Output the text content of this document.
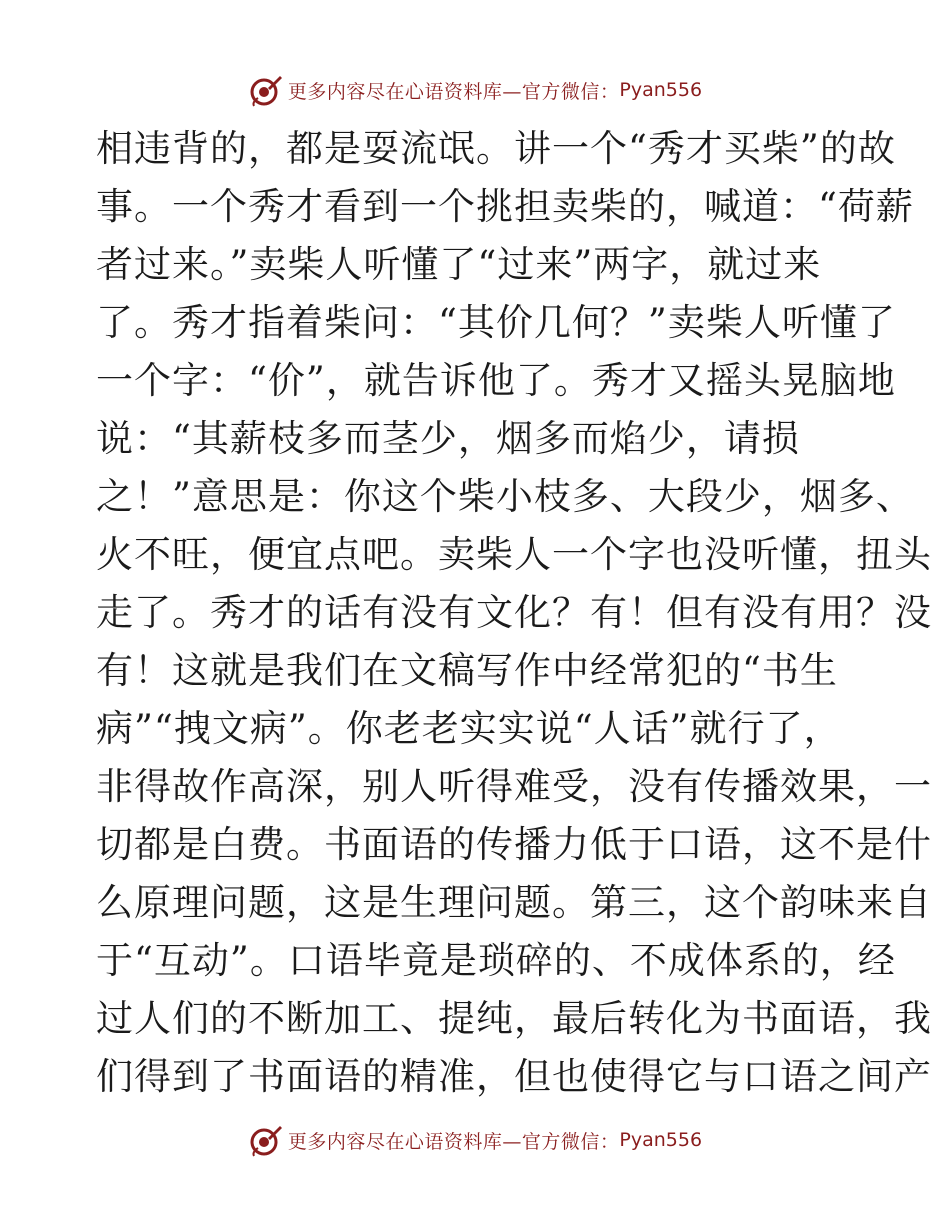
更多内容尽在心语资料库—官方微信： Pyan556
相违背的，都是耍流氓。讲一个“秀才买柴”的故
事。一个秀才看到一个挑担卖柴的，喊道：“荷薪
者过来。”卖柴人听懂了“过来”两字，就过来
了。秀才指着柴问：“其价几何？”卖柴人听懂了
一个字：“价”，就告诉他了。秀才又摇头晃脑地
说：“其薪枝多而茎少，烟多而焰少，请损
之！”意思是：你这个柴小枝多、大段少，烟多、
火不旺，便宜点吧。卖柴人一个字也没听懂，扭头
走了。秀才的话有没有文化？有！但有没有用？没
有！这就是我们在文稿写作中经常犯的“书生
病”“拽文病”。你老老实实说“人话”就行了，
非得故作高深，别人听得难受，没有传播效果，一
切都是白费。书面语的传播力低于口语，这不是什
么原理问题，这是生理问题。第三，这个韵味来自
于“互动”。口语毕竟是琐碎的、不成体系的，经
过人们的不断加工、提纯，最后转化为书面语，我
们得到了书面语的精准，但也使得它与口语之间产
更多内容尽在心语资料库—官方微信： Pyan556
